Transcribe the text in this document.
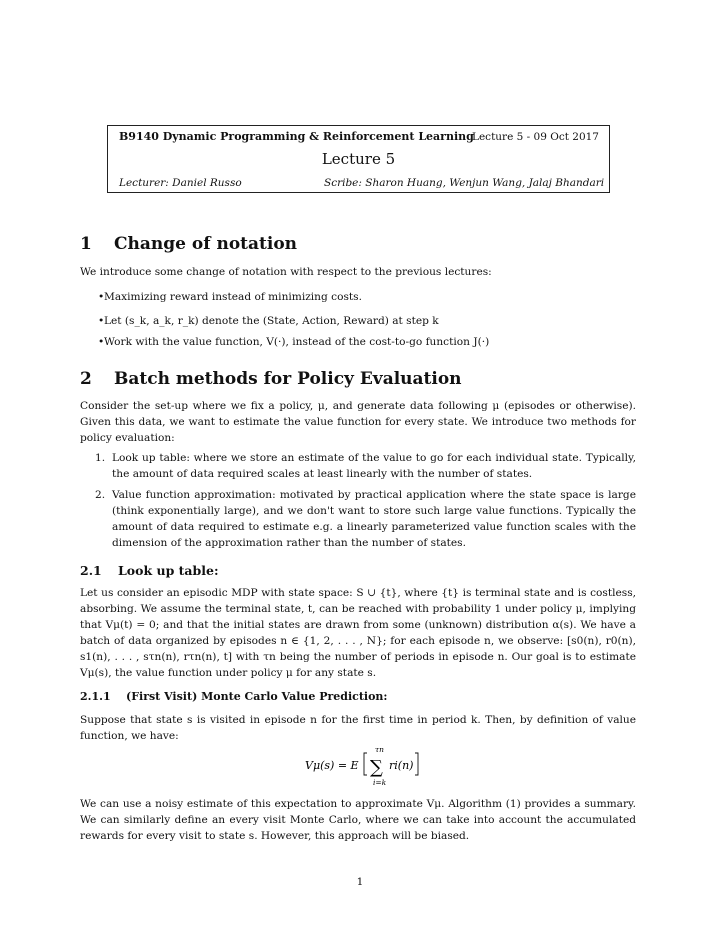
B9140 Dynamic Programming & Reinforcement Learning
Lecture 5 - 09 Oct 2017
Lecture 5
Lecturer: Daniel Russo	Scribe: Sharon Huang, Wenjun Wang, Jalaj Bhandari
1 Change of notation
We introduce some change of notation with respect to the previous lectures:
• Maximizing reward instead of minimizing costs.
• Let (s_k, a_k, r_k) denote the (State, Action, Reward) at step k
• Work with the value function, V(·), instead of the cost-to-go function J(·)
2 Batch methods for Policy Evaluation
Consider the set-up where we fix a policy, μ, and generate data following μ (episodes or otherwise). Given this data, we want to estimate the value function for every state. We introduce two methods for policy evaluation:
1. Look up table: where we store an estimate of the value to go for each individual state. Typically, the amount of data required scales at least linearly with the number of states.
2. Value function approximation: motivated by practical application where the state space is large (think exponentially large), and we don't want to store such large value functions. Typically the amount of data required to estimate e.g. a linearly parameterized value function scales with the dimension of the approximation rather than the number of states.
2.1 Look up table:
Let us consider an episodic MDP with state space: S ∪ {t}, where {t} is terminal state and is costless, absorbing. We assume the terminal state, t, can be reached with probability 1 under policy μ, implying that Vμ(t) = 0; and that the initial states are drawn from some (unknown) distribution α(s). We have a batch of data organized by episodes n ∈ {1, 2, . . . , N}; for each episode n, we observe: [s0(n), r0(n), s1(n), . . . , sτn(n), rτn(n), t] with τn being the number of periods in episode n. Our goal is to estimate Vμ(s), the value function under policy μ for any state s.
2.1.1 (First Visit) Monte Carlo Value Prediction:
Suppose that state s is visited in episode n for the first time in period k. Then, by definition of value function, we have:
Vμ(s) = E
τn
∑
i=k
ri(n)
We can use a noisy estimate of this expectation to approximate Vμ. Algorithm (1) provides a summary. We can similarly define an every visit Monte Carlo, where we can take into account the accumulated rewards for every visit to state s. However, this approach will be biased.
1
